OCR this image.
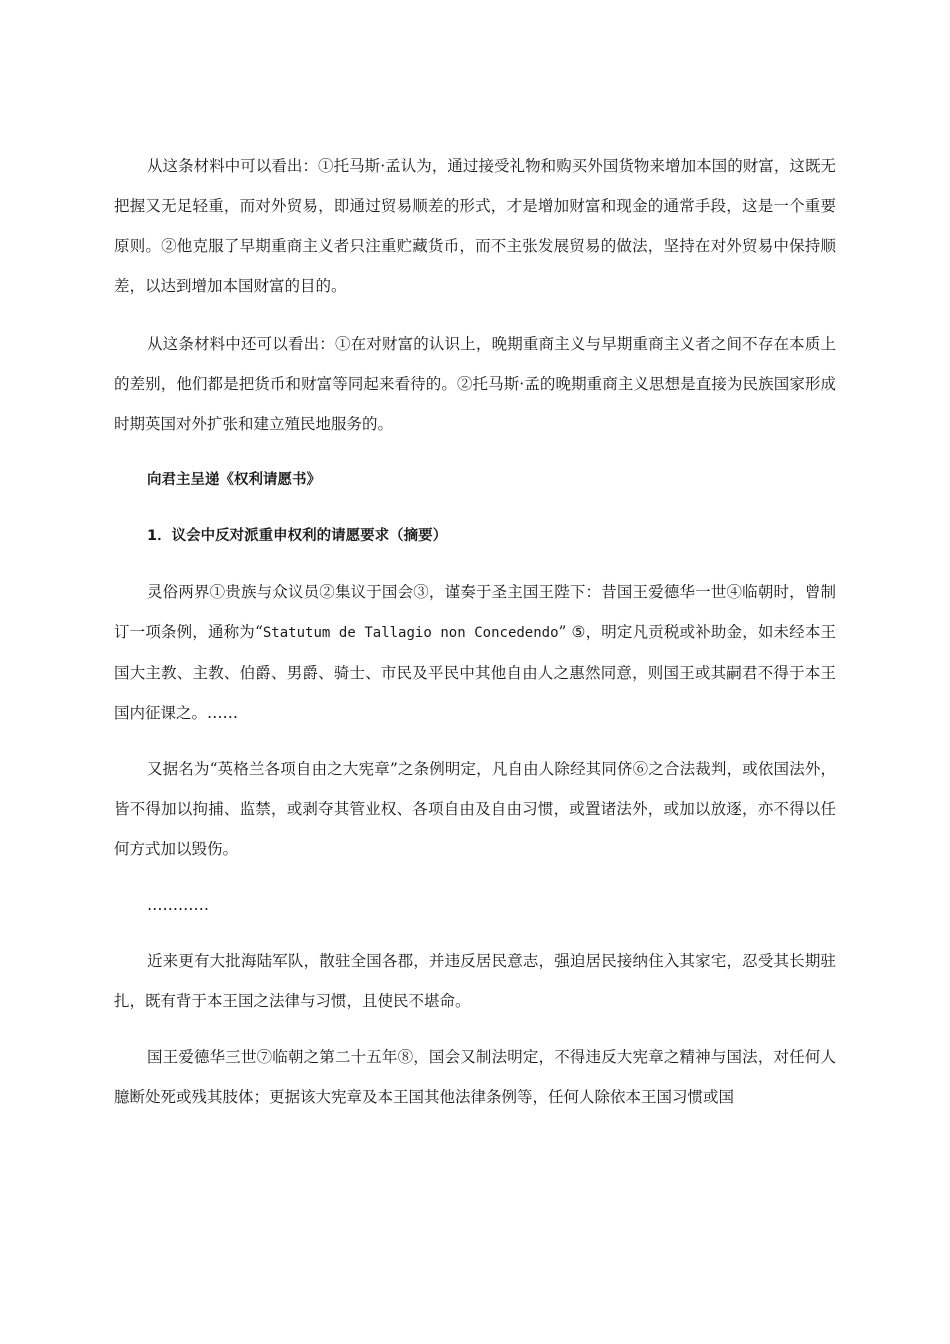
从这条材料中可以看出：①托马斯·孟认为，通过接受礼物和购买外国货物来增加本国的财富，这既无把握又无足轻重，而对外贸易，即通过贸易顺差的形式，才是增加财富和现金的通常手段，这是一个重要原则。②他克服了早期重商主义者只注重贮藏货币，而不主张发展贸易的做法，坚持在对外贸易中保持顺差，以达到增加本国财富的目的。

从这条材料中还可以看出：①在对财富的认识上，晚期重商主义与早期重商主义者之间不存在本质上的差别，他们都是把货币和财富等同起来看待的。②托马斯·孟的晚期重商主义思想是直接为民族国家形成时期英国对外扩张和建立殖民地服务的。

向君主呈递《权利请愿书》

1．议会中反对派重申权利的请愿要求（摘要）

灵俗两界①贵族与众议员②集议于国会③，谨奏于圣主国王陛下：昔国王爱德华一世④临朝时，曾制订一项条例，通称为“Statutum de Tallagio non Concedendo” ⑤，明定凡贡税或补助金，如未经本王国大主教、主教、伯爵、男爵、骑士、市民及平民中其他自由人之惠然同意，则国王或其嗣君不得于本王国内征课之。……

又据名为“英格兰各项自由之大宪章”之条例明定，凡自由人除经其同侪⑥之合法裁判，或依国法外，皆不得加以拘捕、监禁，或剥夺其管业权、各项自由及自由习惯，或置诸法外，或加以放逐，亦不得以任何方式加以毁伤。

…………

近来更有大批海陆军队，散驻全国各郡，并违反居民意志，强迫居民接纳住入其家宅，忍受其长期驻扎，既有背于本王国之法律与习惯，且使民不堪命。

国王爱德华三世⑦临朝之第二十五年⑧，国会又制法明定，不得违反大宪章之精神与国法，对任何人臆断处死或残其肢体；更据该大宪章及本王国其他法律条例等，任何人除依本王国习惯或国
